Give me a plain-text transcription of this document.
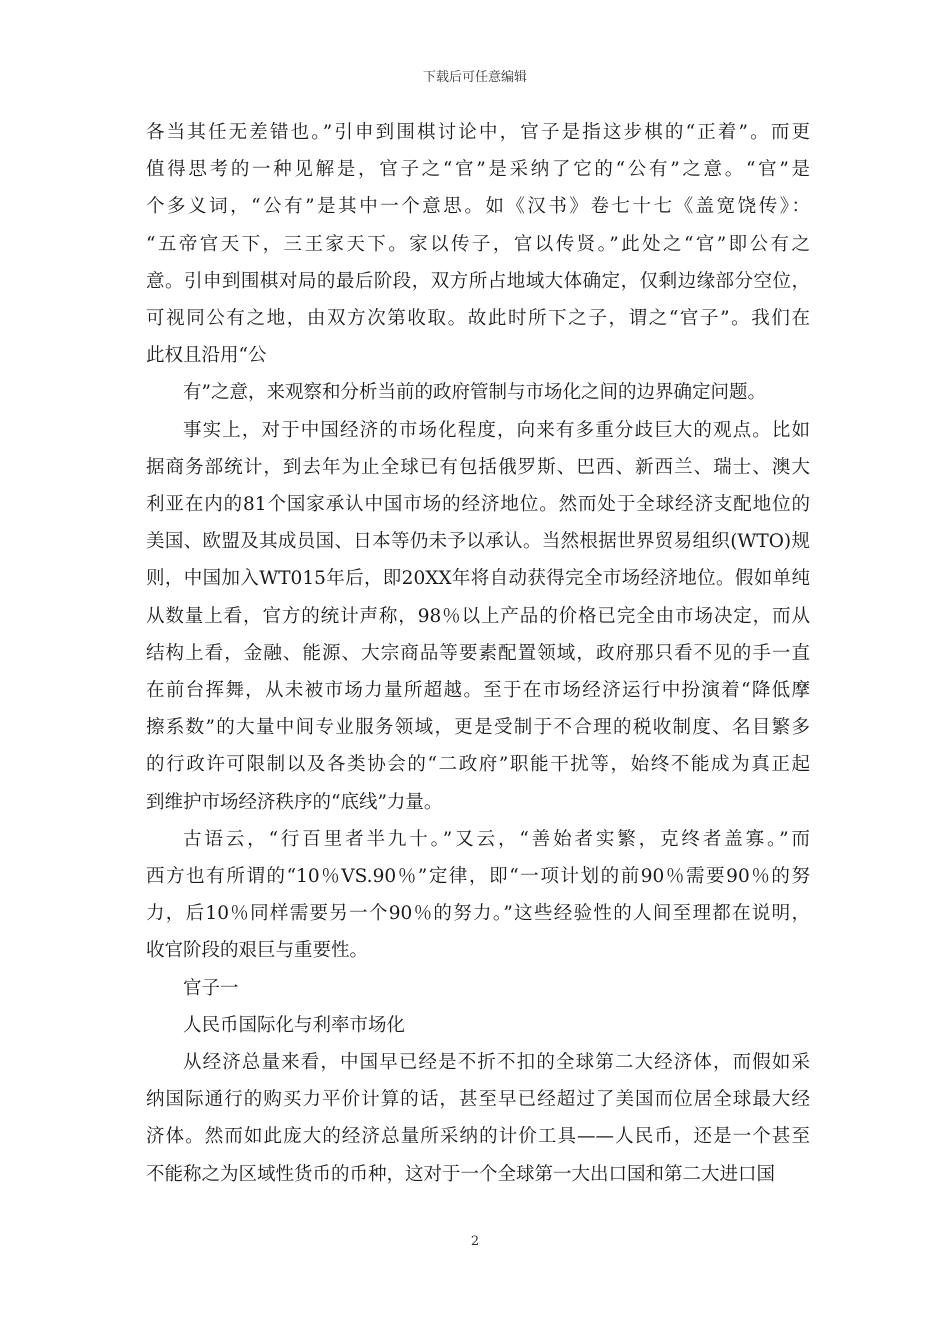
下载后可任意编辑
各当其任无差错也。”引申到围棋讨论中，官子是指这步棋的“正着”。而更
值得思考的一种见解是，官子之“官”是采纳了它的“公有”之意。“官”是
个多义词，“公有”是其中一个意思。如《汉书》卷七十七《盖宽饶传》：
“五帝官天下，三王家天下。家以传子，官以传贤。”此处之“官”即公有之
意。引申到围棋对局的最后阶段，双方所占地域大体确定，仅剩边缘部分空位，
可视同公有之地，由双方次第收取。故此时所下之子，谓之“官子”。我们在
此权且沿用“公
有”之意，来观察和分析当前的政府管制与市场化之间的边界确定问题。
事实上，对于中国经济的市场化程度，向来有多重分歧巨大的观点。比如
据商务部统计，到去年为止全球已有包括俄罗斯、巴西、新西兰、瑞士、澳大
利亚在内的81个国家承认中国市场的经济地位。然而处于全球经济支配地位的
美国、欧盟及其成员国、日本等仍未予以承认。当然根据世界贸易组织(WTO)规
则，中国加入WT015年后，即20XX年将自动获得完全市场经济地位。假如单纯
从数量上看，官方的统计声称，98％以上产品的价格已完全由市场决定，而从
结构上看，金融、能源、大宗商品等要素配置领域，政府那只看不见的手一直
在前台挥舞，从未被市场力量所超越。至于在市场经济运行中扮演着“降低摩
擦系数”的大量中间专业服务领域，更是受制于不合理的税收制度、名目繁多
的行政许可限制以及各类协会的“二政府”职能干扰等，始终不能成为真正起
到维护市场经济秩序的“底线”力量。
古语云，“行百里者半九十。”又云，“善始者实繁，克终者盖寡。”而
西方也有所谓的“10％VS.90％”定律，即“一项计划的前90％需要90％的努
力，后10％同样需要另一个90％的努力。”这些经验性的人间至理都在说明，
收官阶段的艰巨与重要性。
官子一
人民币国际化与利率市场化
从经济总量来看，中国早已经是不折不扣的全球第二大经济体，而假如采
纳国际通行的购买力平价计算的话，甚至早已经超过了美国而位居全球最大经
济体。然而如此庞大的经济总量所采纳的计价工具——人民币，还是一个甚至
不能称之为区域性货币的币种，这对于一个全球第一大出口国和第二大进口国
2
